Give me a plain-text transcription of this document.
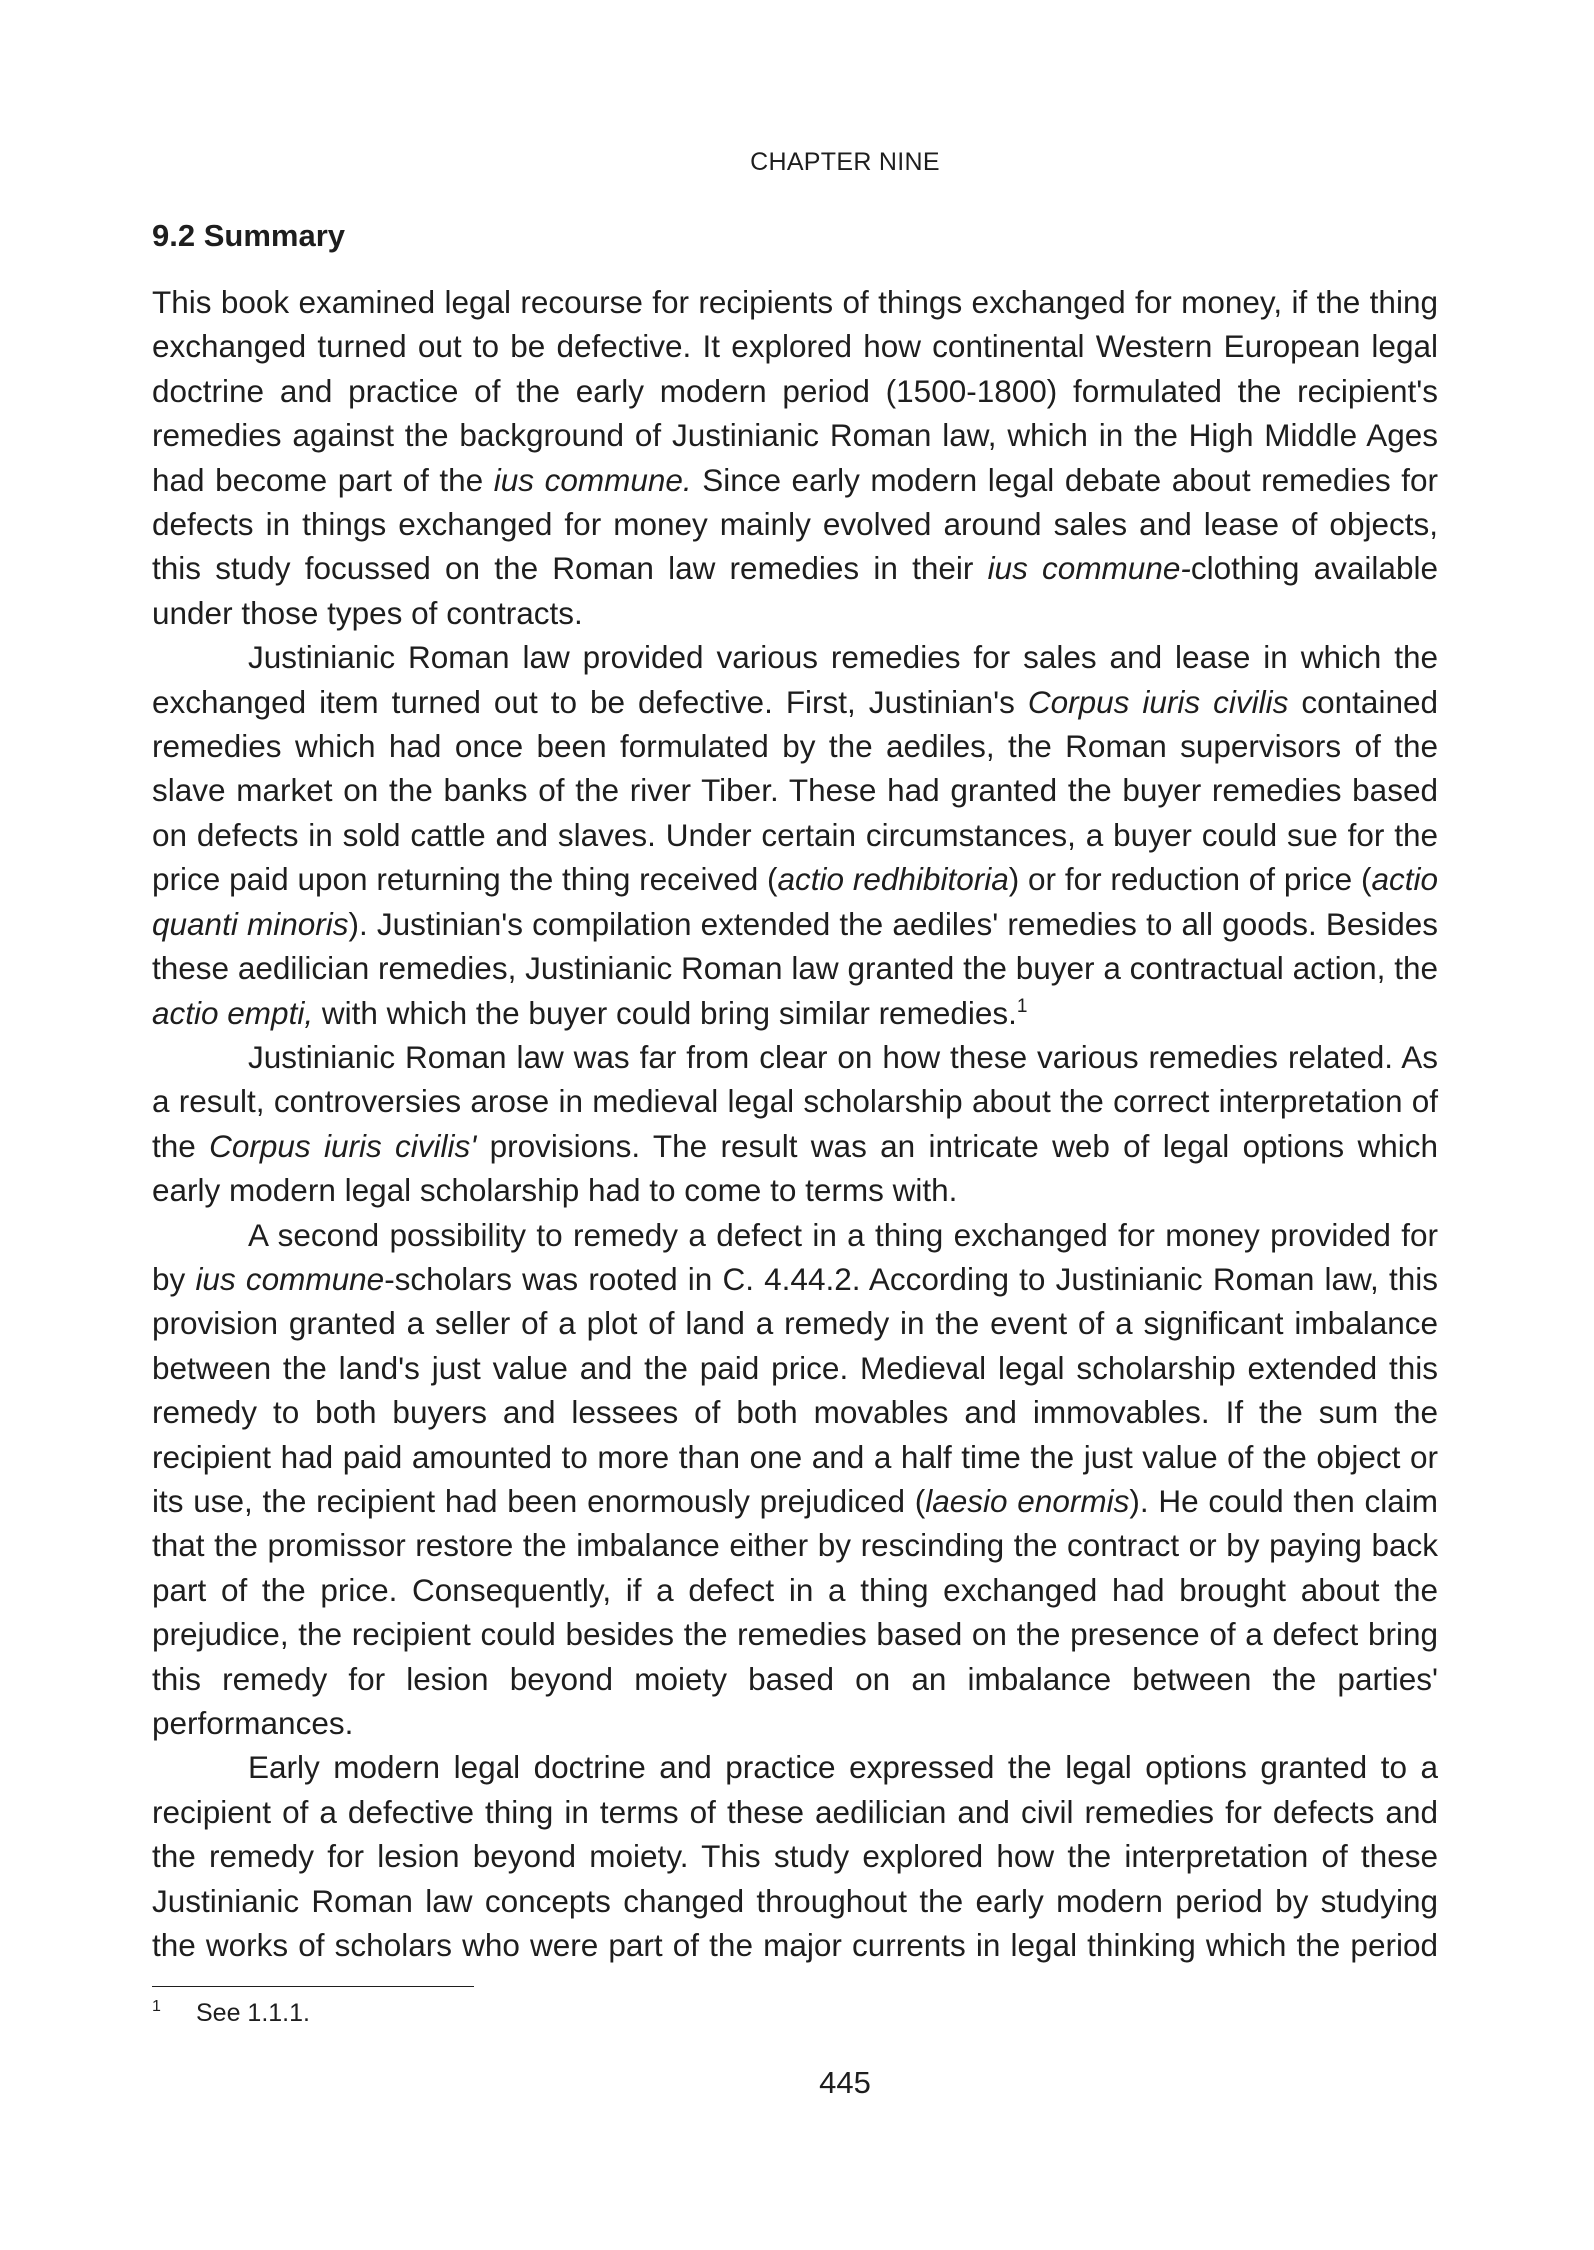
CHAPTER NINE
9.2 Summary

This book examined legal recourse for recipients of things exchanged for money, if the thing exchanged turned out to be defective. It explored how continental Western European legal doctrine and practice of the early modern period (1500-1800) formulated the recipient's remedies against the background of Justinianic Roman law, which in the High Middle Ages had become part of the ius commune. Since early modern legal debate about remedies for defects in things exchanged for money mainly evolved around sales and lease of objects, this study focussed on the Roman law remedies in their ius commune-clothing available under those types of contracts.

Justinianic Roman law provided various remedies for sales and lease in which the exchanged item turned out to be defective. First, Justinian's Corpus iuris civilis contained remedies which had once been formulated by the aediles, the Roman supervisors of the slave market on the banks of the river Tiber. These had granted the buyer remedies based on defects in sold cattle and slaves. Under certain circumstances, a buyer could sue for the price paid upon returning the thing received (actio redhibitoria) or for reduction of price (actio quanti minoris). Justinian's compilation extended the aediles' remedies to all goods. Besides these aedilician remedies, Justinianic Roman law granted the buyer a contractual action, the actio empti, with which the buyer could bring similar remedies.$^1$

Justinianic Roman law was far from clear on how these various remedies related. As a result, controversies arose in medieval legal scholarship about the correct interpretation of the Corpus iuris civilis' provisions. The result was an intricate web of legal options which early modern legal scholarship had to come to terms with.

A second possibility to remedy a defect in a thing exchanged for money provided for by ius commune-scholars was rooted in C. 4.44.2. According to Justinianic Roman law, this provision granted a seller of a plot of land a remedy in the event of a significant imbalance between the land's just value and the paid price. Medieval legal scholarship extended this remedy to both buyers and lessees of both movables and immovables. If the sum the recipient had paid amounted to more than one and a half time the just value of the object or its use, the recipient had been enormously prejudiced (laesio enormis). He could then claim that the promissor restore the imbalance either by rescinding the contract or by paying back part of the price. Consequently, if a defect in a thing exchanged had brought about the prejudice, the recipient could besides the remedies based on the presence of a defect bring this remedy for lesion beyond moiety based on an imbalance between the parties' performances.

Early modern legal doctrine and practice expressed the legal options granted to a recipient of a defective thing in terms of these aedilician and civil remedies for defects and the remedy for lesion beyond moiety. This study explored how the interpretation of these Justinianic Roman law concepts changed throughout the early modern period by studying the works of scholars who were part of the major currents in legal thinking which the period

1 See 1.1.1.
445
